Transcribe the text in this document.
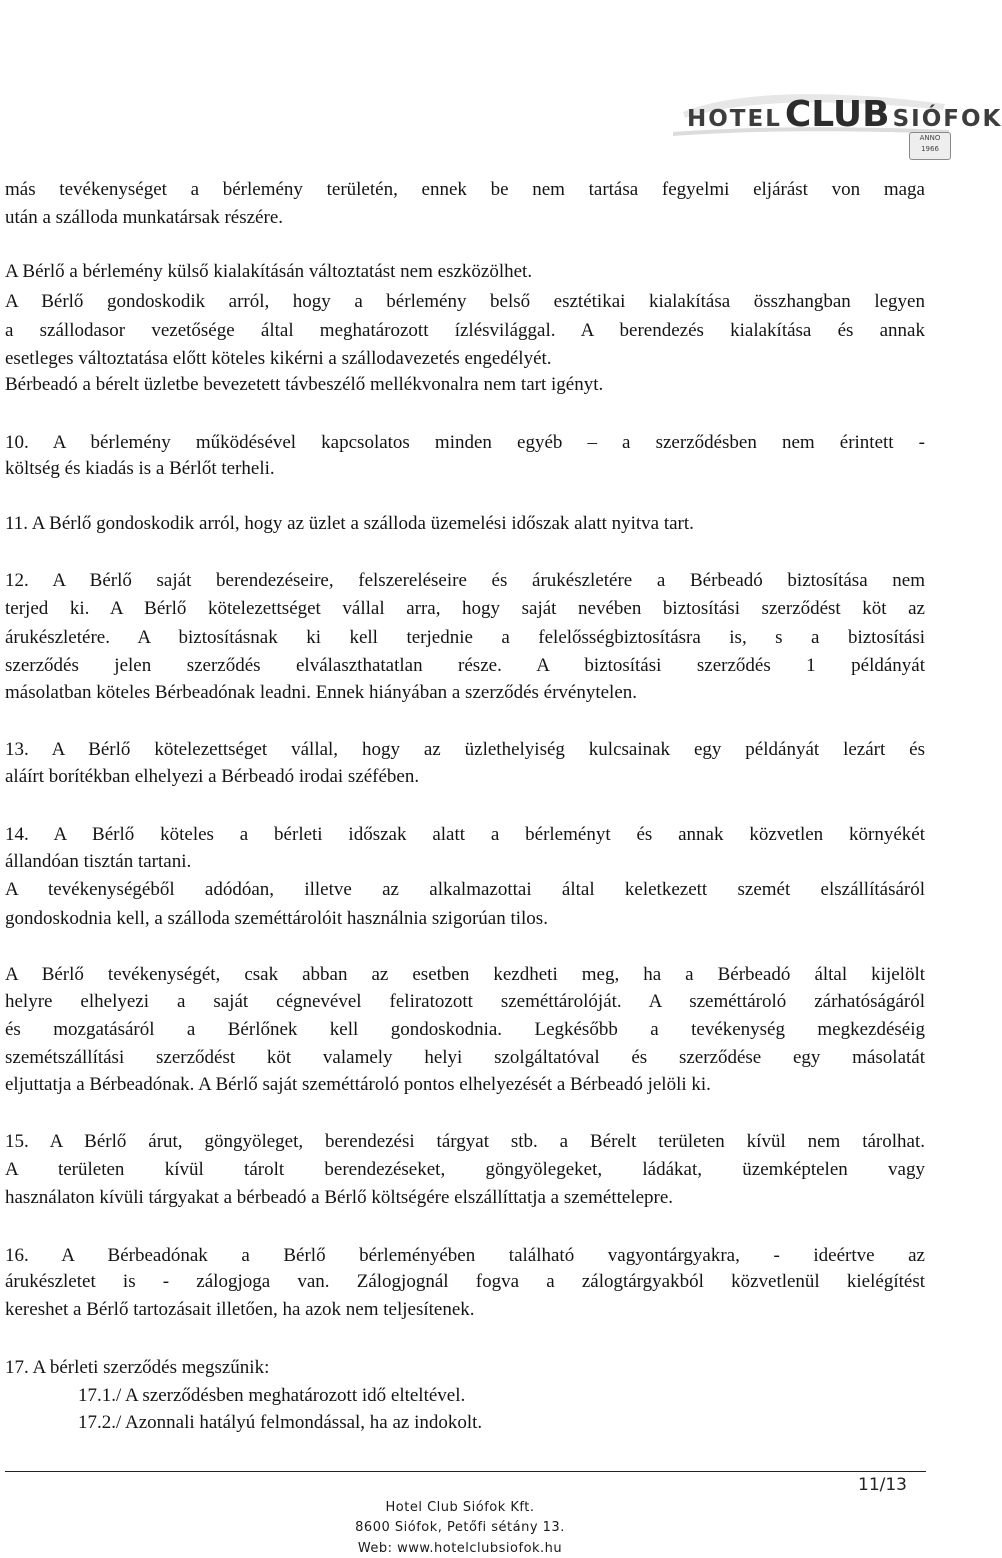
HOTELCLUB SIÓFOK
ANNO 1966
más tevékenységet a bérlemény területén, ennek be nem tartása fegyelmi eljárást von maga
után a szálloda munkatársak részére.
A Bérlő a bérlemény külső kialakításán változtatást nem eszközölhet.
A Bérlő gondoskodik arról, hogy a bérlemény belső esztétikai kialakítása összhangban legyen
a szállodasor vezetősége által meghatározott ízlésvilággal. A berendezés kialakítása és annak
esetleges változtatása előtt köteles kikérni a szállodavezetés engedélyét.
Bérbeadó a bérelt üzletbe bevezetett távbeszélő mellékvonalra nem tart igényt.
10. A bérlemény működésével kapcsolatos minden egyéb – a szerződésben nem érintett -
költség és kiadás is a Bérlőt terheli.
11. A Bérlő gondoskodik arról, hogy az üzlet a szálloda üzemelési időszak alatt nyitva tart.
12. A Bérlő saját berendezéseire, felszereléseire és árukészletére a Bérbeadó biztosítása nem
terjed ki. A Bérlő kötelezettséget vállal arra, hogy saját nevében biztosítási szerződést köt az
árukészletére. A biztosításnak ki kell terjednie a felelősségbiztosításra is, s a biztosítási
szerződés jelen szerződés elválaszthatatlan része. A biztosítási szerződés 1 példányát
másolatban köteles Bérbeadónak leadni. Ennek hiányában a szerződés érvénytelen.
13. A Bérlő kötelezettséget vállal, hogy az üzlethelyiség kulcsainak egy példányát lezárt és
aláírt borítékban elhelyezi a Bérbeadó irodai széfében.
14. A Bérlő köteles a bérleti időszak alatt a bérleményt és annak közvetlen környékét
állandóan tisztán tartani.
A tevékenységéből adódóan, illetve az alkalmazottai által keletkezett szemét elszállításáról
gondoskodnia kell, a szálloda szeméttárolóit használnia szigorúan tilos.
A Bérlő tevékenységét, csak abban az esetben kezdheti meg, ha a Bérbeadó által kijelölt
helyre elhelyezi a saját cégnevével feliratozott szeméttárolóját. A szeméttároló zárhatóságáról
és mozgatásáról a Bérlőnek kell gondoskodnia. Legkésőbb a tevékenység megkezdéséig
szemétszállítási szerződést köt valamely helyi szolgáltatóval és szerződése egy másolatát
eljuttatja a Bérbeadónak. A Bérlő saját szeméttároló pontos elhelyezését a Bérbeadó jelöli ki.
15. A Bérlő árut, göngyöleget, berendezési tárgyat stb. a Bérelt területen kívül nem tárolhat.
A területen kívül tárolt berendezéseket, göngyölegeket, ládákat, üzemképtelen vagy
használaton kívüli tárgyakat a bérbeadó a Bérlő költségére elszállíttatja a szeméttelepre.
16. A Bérbeadónak a Bérlő bérleményében található vagyontárgyakra, - ideértve az
árukészletet is - zálogjoga van. Zálogjognál fogva a zálogtárgyakból közvetlenül kielégítést
kereshet a Bérlő tartozásait illetően, ha azok nem teljesítenek.
17. A bérleti szerződés megszűnik:
17.1./ A szerződésben meghatározott idő elteltével.
17.2./ Azonnali hatályú felmondással, ha az indokolt.
11/13
Hotel Club Siófok Kft.
8600 Siófok, Petőfi sétány 13.
Web: www.hotelclubsiofok.hu
